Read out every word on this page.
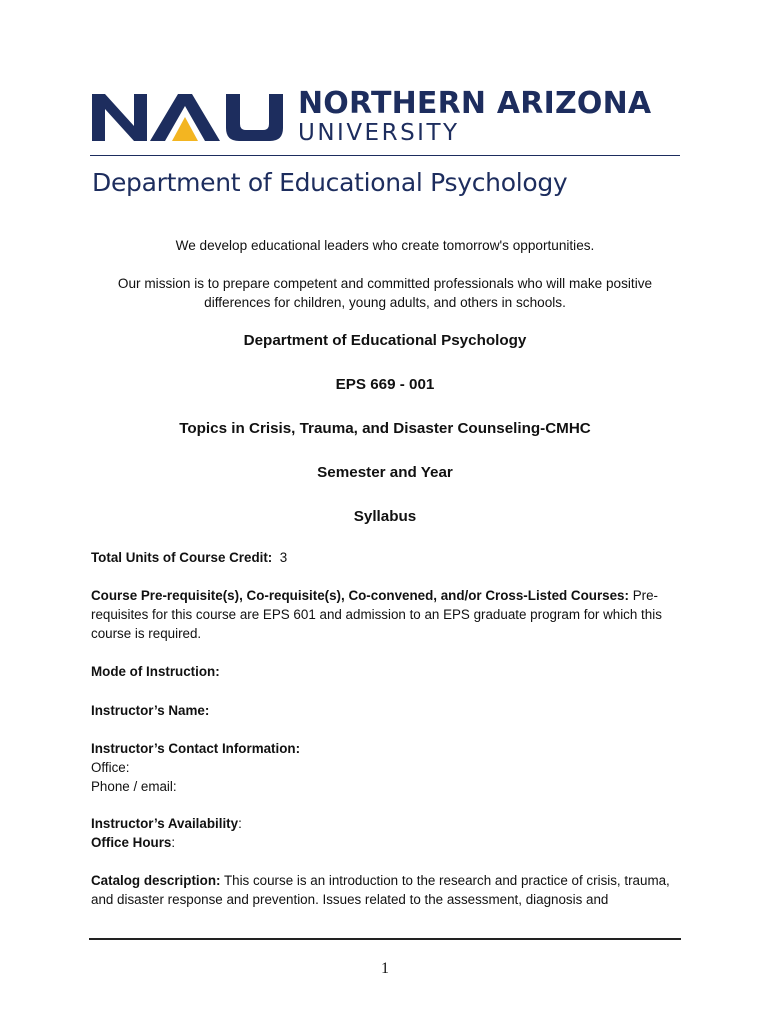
NORTHERN ARIZONA
UNIVERSITY
Department of Educational Psychology
We develop educational leaders who create tomorrow's opportunities.
Our mission is to prepare competent and committed professionals who will make positive differences for children, young adults, and others in schools.
Department of Educational Psychology
EPS 669 - 001
Topics in Crisis, Trauma, and Disaster Counseling-CMHC
Semester and Year
Syllabus
Total Units of Course Credit: 3
Course Pre-requisite(s), Co-requisite(s), Co-convened, and/or Cross-Listed Courses: Pre-requisites for this course are EPS 601 and admission to an EPS graduate program for which this course is required.
Mode of Instruction:
Instructor’s Name:
Instructor’s Contact Information:
Office:
Phone / email:
Instructor’s Availability:
Office Hours:
Catalog description: This course is an introduction to the research and practice of crisis, trauma, and disaster response and prevention. Issues related to the assessment, diagnosis and
1
